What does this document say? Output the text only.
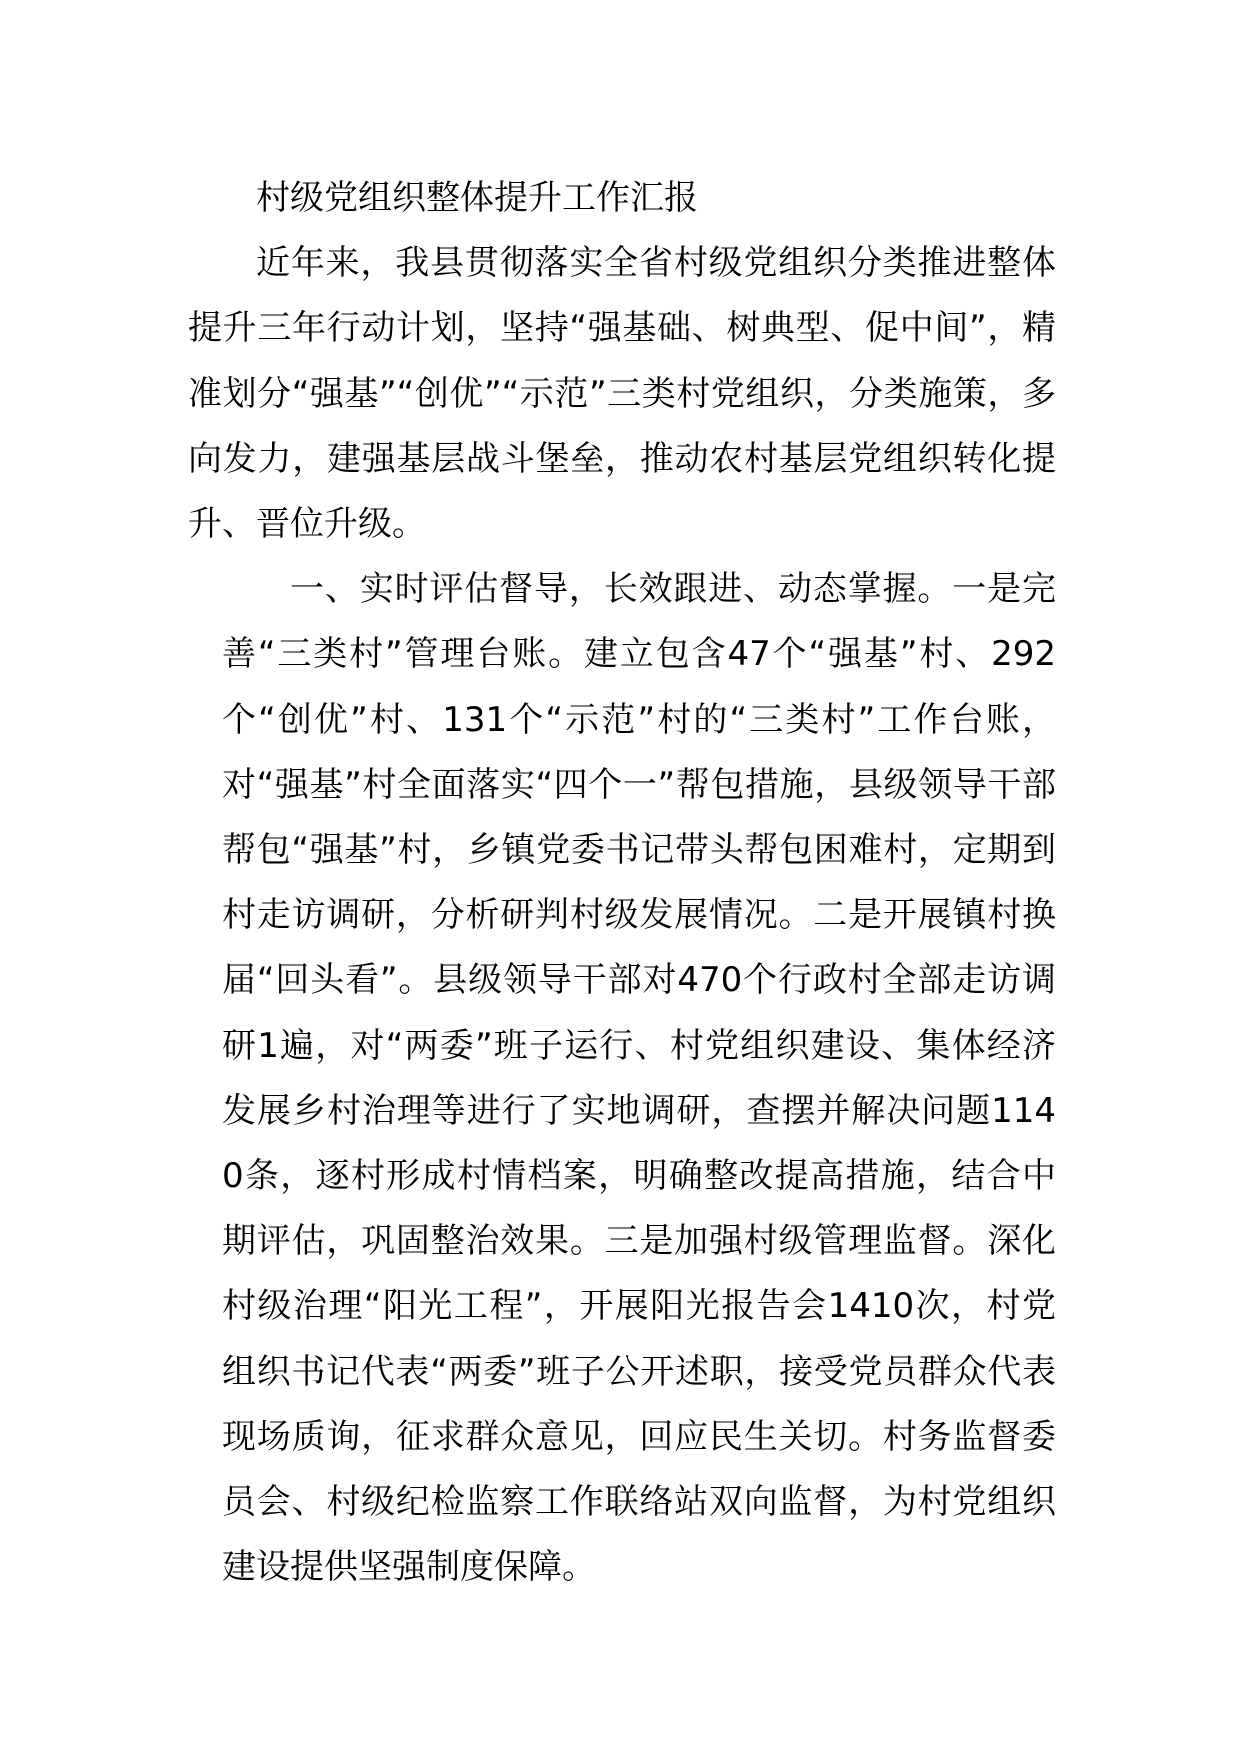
村级党组织整体提升工作汇报

近年来，我县贯彻落实全省村级党组织分类推进整体提升三年行动计划，坚持“强基础、树典型、促中间”，精准划分“强基”“创优”“示范”三类村党组织，分类施策，多向发力，建强基层战斗堡垒，推动农村基层党组织转化提升、晋位升级。

一、实时评估督导，长效跟进、动态掌握。一是完善“三类村”管理台账。建立包含47个“强基”村、292个“创优”村、131个“示范”村的“三类村”工作台账，对“强基”村全面落实“四个一”帮包措施，县级领导干部帮包“强基”村，乡镇党委书记带头帮包困难村，定期到村走访调研，分析研判村级发展情况。二是开展镇村换届“回头看”。县级领导干部对470个行政村全部走访调研1遍，对“两委”班子运行、村党组织建设、集体经济发展乡村治理等进行了实地调研，查摆并解决问题1140条，逐村形成村情档案，明确整改提高措施，结合中期评估，巩固整治效果。三是加强村级管理监督。深化村级治理“阳光工程”，开展阳光报告会1410次，村党组织书记代表“两委”班子公开述职，接受党员群众代表现场质询，征求群众意见，回应民生关切。村务监督委员会、村级纪检监察工作联络站双向监督，为村党组织建设提供坚强制度保障。
